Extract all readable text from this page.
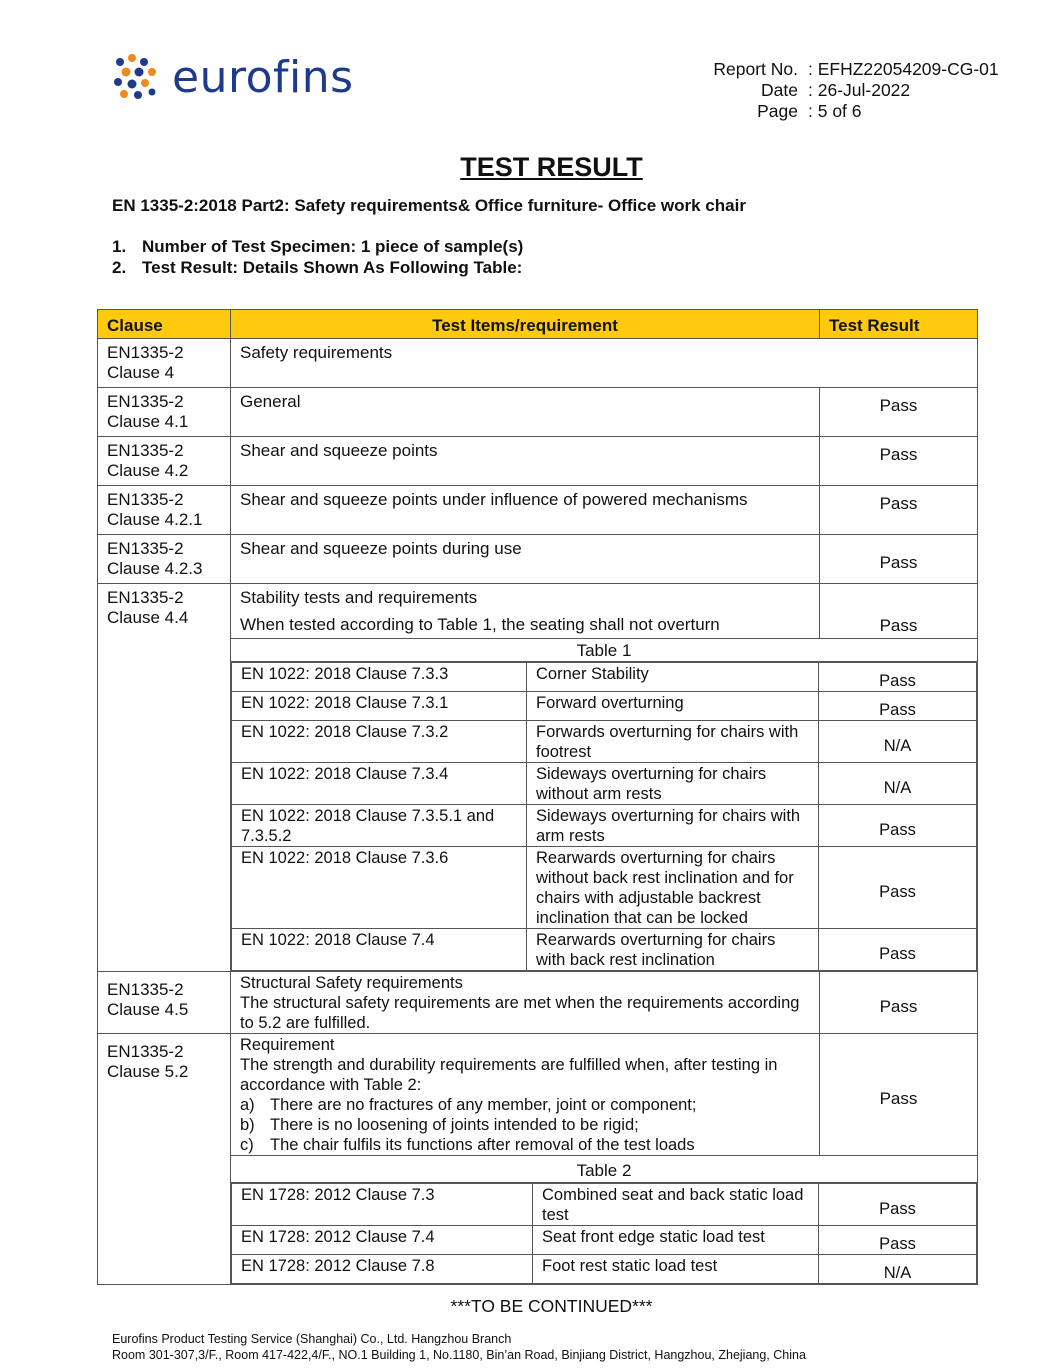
eurofins	Report No. : EFHZ22054209-CG-01
Date : 26-Jul-2022
Page : 5 of 6
TEST RESULT
EN 1335-2:2018 Part2: Safety requirements& Office furniture- Office work chair
1. Number of Test Specimen: 1 piece of sample(s)
2. Test Result: Details Shown As Following Table:
Clause	Test Items/requirement	Test Result

EN1335-2
Clause 4
	Safety requirements

EN1335-2
Clause 4.1
	General	Pass

EN1335-2
Clause 4.2
	Shear and squeeze points	Pass

EN1335-2
Clause 4.2.1
	Shear and squeeze points under influence of powered mechanisms	Pass

EN1335-2
Clause 4.2.3
	Shear and squeeze points during use	Pass

EN1335-2
Clause 4.4

Stability tests and requirements
When tested according to Table 1, the seating shall not overturn	Pass
Table 1

EN 1022: 2018 Clause 7.3.3	Corner Stability	Pass
EN 1022: 2018 Clause 7.3.1	Forward overturning	Pass
EN 1022: 2018 Clause 7.3.2	Forwards overturning for chairs with footrest	N/A
EN 1022: 2018 Clause 7.3.4	Sideways overturning for chairs without arm rests	N/A
EN 1022: 2018 Clause 7.3.5.1 and 7.3.5.2	Sideways overturning for chairs with arm rests	Pass
EN 1022: 2018 Clause 7.3.6	Rearwards overturning for chairs without back rest inclination and for chairs with adjustable backrest inclination that can be locked	Pass
EN 1022: 2018 Clause 7.4	Rearwards overturning for chairs with back rest inclination	Pass

EN1335-2
Clause 4.5

Structural Safety requirements
The structural safety requirements are met when the requirements according to 5.2 are fulfilled.
	Pass

EN1335-2
Clause 5.2

Requirement
The strength and durability requirements are fulfilled when, after testing in accordance with Table 2:
a) There are no fractures of any member, joint or component;
b) There is no loosening of joints intended to be rigid;
c) The chair fulfils its functions after removal of the test loads
	Pass
Table 2

EN 1728: 2012 Clause 7.3	Combined seat and back static load test	Pass
EN 1728: 2012 Clause 7.4	Seat front edge static load test	Pass
EN 1728: 2012 Clause 7.8	Foot rest static load test	N/A
***TO BE CONTINUED***
Eurofins Product Testing Service (Shanghai) Co., Ltd. Hangzhou Branch
Room 301-307,3/F., Room 417-422,4/F., NO.1 Building 1, No.1180, Bin’an Road, Binjiang District, Hangzhou, Zhejiang, China
